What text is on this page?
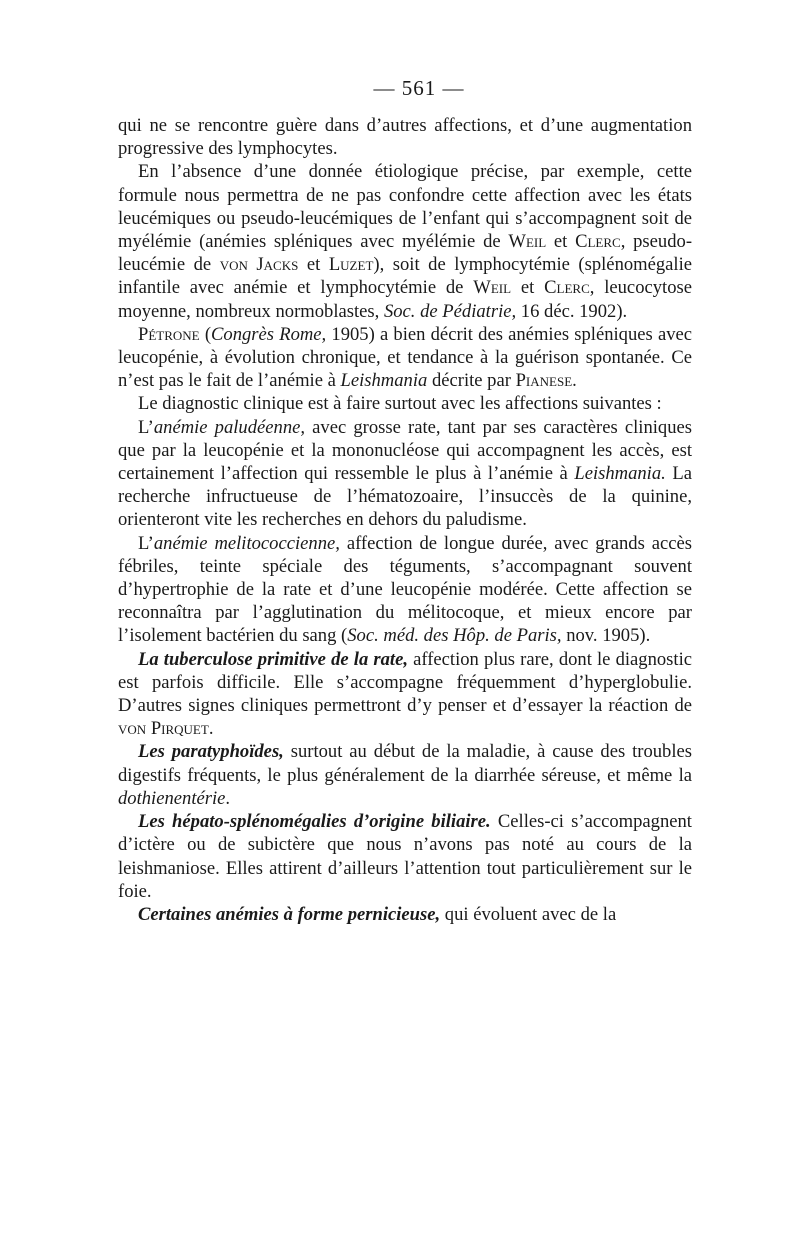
— 561 —

qui ne se rencontre guère dans d’autres affections, et d’une augmentation progressive des lymphocytes.

En l’absence d’une donnée étiologique précise, par exemple, cette formule nous permettra de ne pas confondre cette affection avec les états leucémiques ou pseudo-leucémiques de l’enfant qui s’accompagnent soit de myélémie (anémies spléniques avec myélémie de Weil et Clerc, pseudo-leucémie de von Jacks et Luzet), soit de lymphocytémie (splénomégalie infantile avec anémie et lymphocytémie de Weil et Clerc, leucocytose moyenne, nombreux normoblastes, Soc. de Pédiatrie, 16 déc. 1902).

Pétrone (Congrès Rome, 1905) a bien décrit des anémies spléniques avec leucopénie, à évolution chronique, et tendance à la guérison spontanée. Ce n’est pas le fait de l’anémie à Leishmania décrite par Pianese.

Le diagnostic clinique est à faire surtout avec les affections suivantes :

L’anémie paludéenne, avec grosse rate, tant par ses caractères cliniques que par la leucopénie et la mononucléose qui accompagnent les accès, est certainement l’affection qui ressemble le plus à l’anémie à Leishmania. La recherche infructueuse de l’hématozoaire, l’insuccès de la quinine, orienteront vite les recherches en dehors du paludisme.

L’anémie melitococcienne, affection de longue durée, avec grands accès fébriles, teinte spéciale des téguments, s’accompagnant souvent d’hypertrophie de la rate et d’une leucopénie modérée. Cette affection se reconnaîtra par l’agglutination du mélitocoque, et mieux encore par l’isolement bactérien du sang (Soc. méd. des Hôp. de Paris, nov. 1905).

La tuberculose primitive de la rate, affection plus rare, dont le diagnostic est parfois difficile. Elle s’accompagne fréquemment d’hyperglobulie. D’autres signes cliniques permettront d’y penser et d’essayer la réaction de von Pirquet.

Les paratyphoïdes, surtout au début de la maladie, à cause des troubles digestifs fréquents, le plus généralement de la diarrhée séreuse, et même la dothienentérie.

Les hépato-splénomégalies d’origine biliaire. Celles-ci s’accompagnent d’ictère ou de subictère que nous n’avons pas noté au cours de la leishmaniose. Elles attirent d’ailleurs l’attention tout particulièrement sur le foie.

Certaines anémies à forme pernicieuse, qui évoluent avec de la
